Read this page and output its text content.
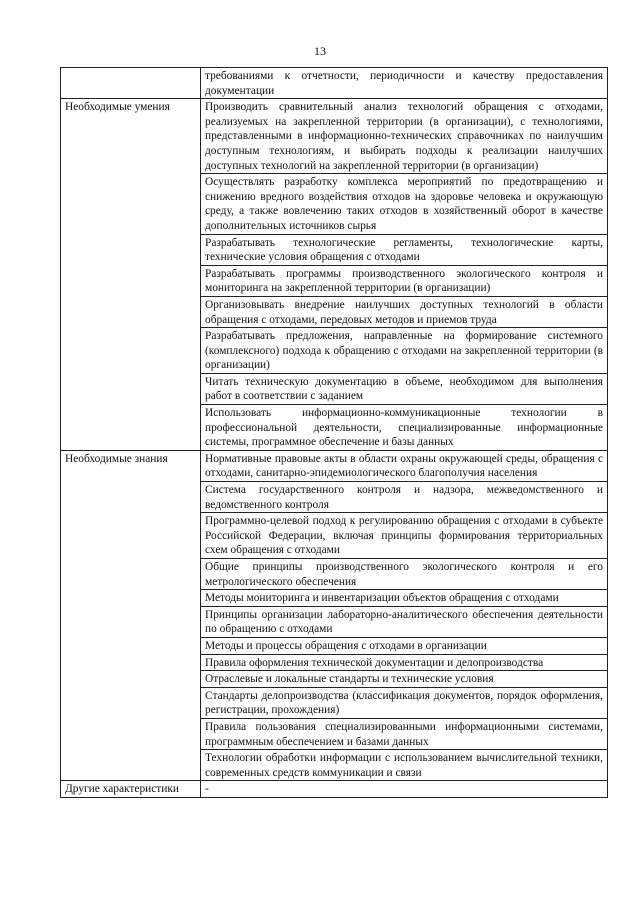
13
	требованиями к отчетности, периодичности и качеству предоставления документации
Необходимые умения	Производить сравнительный анализ технологий обращения с отходами, реализуемых на закрепленной территории (в организации), с технологиями, представленными в информационно-технических справочниках по наилучшим доступным технологиям, и выбирать подходы к реализации наилучших доступных технологий на закрепленной территории (в организации)
	Осуществлять разработку комплекса мероприятий по предотвращению и снижению вредного воздействия отходов на здоровье человека и окружающую среду, а также вовлечению таких отходов в хозяйственный оборот в качестве дополнительных источников сырья
	Разрабатывать технологические регламенты, технологические карты, технические условия обращения с отходами
	Разрабатывать программы производственного экологического контроля и мониторинга на закрепленной территории (в организации)
	Организовывать внедрение наилучших доступных технологий в области обращения с отходами, передовых методов и приемов труда
	Разрабатывать предложения, направленные на формирование системного (комплексного) подхода к обращению с отходами на закрепленной территории (в организации)
	Читать техническую документацию в объеме, необходимом для выполнения работ в соответствии с заданием
	Использовать информационно-коммуникационные технологии в профессиональной деятельности, специализированные информационные системы, программное обеспечение и базы данных
Необходимые знания	Нормативные правовые акты в области охраны окружающей среды, обращения с отходами, санитарно-эпидемиологического благополучия населения
	Система государственного контроля и надзора, межведомственного и ведомственного контроля
	Программно-целевой подход к регулированию обращения с отходами в субъекте Российской Федерации, включая принципы формирования территориальных схем обращения с отходами
	Общие принципы производственного экологического контроля и его метрологического обеспечения
	Методы мониторинга и инвентаризации объектов обращения с отходами
	Принципы организации лабораторно-аналитического обеспечения деятельности по обращению с отходами
	Методы и процессы обращения с отходами в организации
	Правила оформления технической документации и делопроизводства
	Отраслевые и локальные стандарты и технические условия
	Стандарты делопроизводства (классификация документов, порядок оформления, регистрации, прохождения)
	Правила пользования специализированными информационными системами, программным обеспечением и базами данных
	Технологии обработки информации с использованием вычислительной техники, современных средств коммуникации и связи
Другие характеристики	-
